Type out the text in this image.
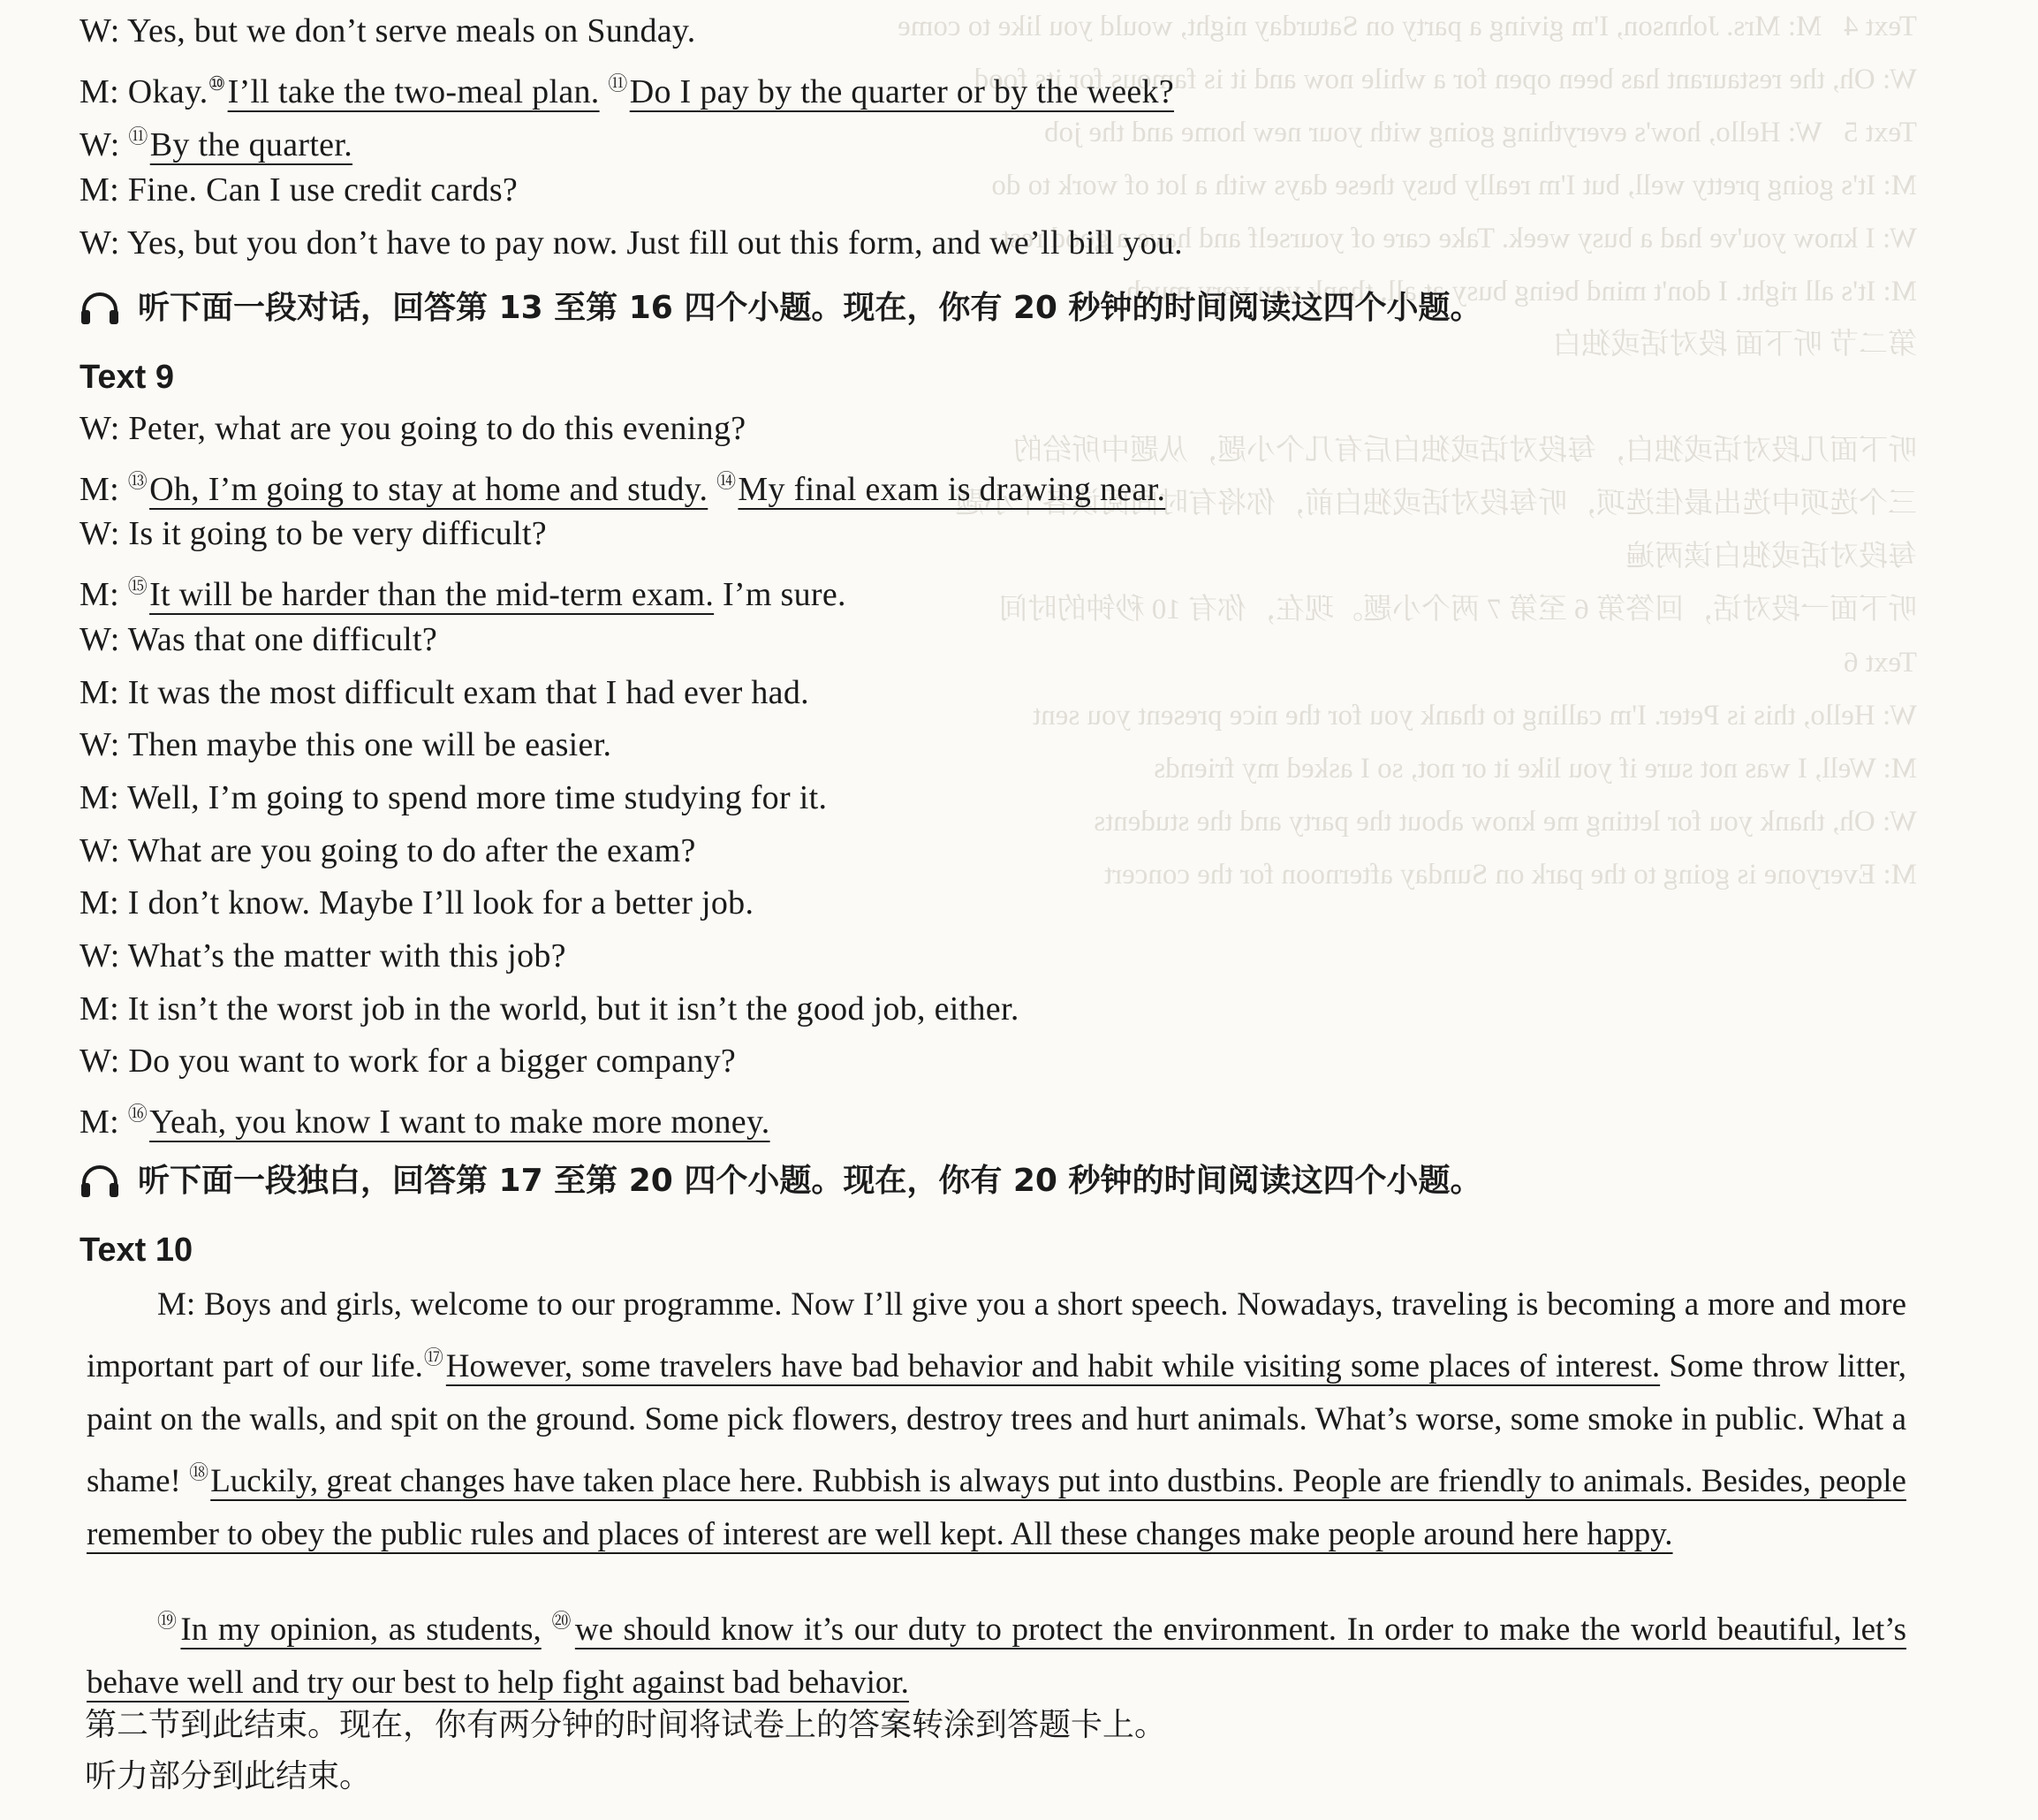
Text 4   M: Mrs. Johnson, I'm giving a party on Saturday night, would you like to come
W: Oh, the restaurant has been open for a while now and it is famous for its food
Text 5   W: Hello, how's everything going with your new home and the job
M: It's going pretty well, but I'm really busy these days with a lot of work to do
W: I know you've had a busy week. Take care of yourself and have a good rest
M: It's all right. I don't mind being busy at all, thank you very much
第二节 听下面 段对话或独白

听下面几段对话或独白，每段对话或独白后有几个小题，从题中所给的
三个选项中选出最佳选项，听每段对话或独白前，你将有时间阅读各个小题
每段对话或独白读两遍
听下面一段对话，回答第 6 至第 7 两个小题。现在，你有 10 秒钟的时间
Text 6
W: Hello, this is Peter. I'm calling to thank you for the nice present you sent
M: Well, I was not sure if you like it or not, so I asked my friends
W: Oh, thank you for letting me know about the party and the students
M: Everyone is going to the park on Sunday afternoon for the concert
W: Yes, but we don’t serve meals on Sunday.
M: Okay.⑩I’ll take the two-meal plan. ⑪Do I pay by the quarter or by the week?
W: ⑪By the quarter.
M: Fine. Can I use credit cards?
W: Yes, but you don’t have to pay now. Just fill out this form, and we’ll bill you.
听下面一段对话，回答第 13 至第 16 四个小题。现在，你有 20 秒钟的时间阅读这四个小题。
Text 9
W: Peter, what are you going to do this evening?
M: ⑬Oh, I’m going to stay at home and study. ⑭My final exam is drawing near.
W: Is it going to be very difficult?
M: ⑮It will be harder than the mid-term exam. I’m sure.
W: Was that one difficult?
M: It was the most difficult exam that I had ever had.
W: Then maybe this one will be easier.
M: Well, I’m going to spend more time studying for it.
W: What are you going to do after the exam?
M: I don’t know. Maybe I’ll look for a better job.
W: What’s the matter with this job?
M: It isn’t the worst job in the world, but it isn’t the good job, either.
W: Do you want to work for a bigger company?
M: ⑯Yeah, you know I want to make more money.
听下面一段独白，回答第 17 至第 20 四个小题。现在，你有 20 秒钟的时间阅读这四个小题。
Text 10
M: Boys and girls, welcome to our programme. Now I’ll give you a short speech. Nowadays, traveling is becoming a more and more important part of our life.⑰However, some travelers have bad behavior and habit while visiting some places of interest. Some throw litter, paint on the walls, and spit on the ground. Some pick flowers, destroy trees and hurt animals. What’s worse, some smoke in public. What a shame! ⑱Luckily, great changes have taken place here. Rubbish is always put into dustbins. People are friendly to animals. Besides, people remember to obey the public rules and places of interest are well kept. All these changes make people around here happy.
⑲In my opinion, as students, ⑳we should know it’s our duty to protect the environment. In order to make the world beautiful, let’s behave well and try our best to help fight against bad behavior.
第二节到此结束。现在，你有两分钟的时间将试卷上的答案转涂到答题卡上。
听力部分到此结束。
